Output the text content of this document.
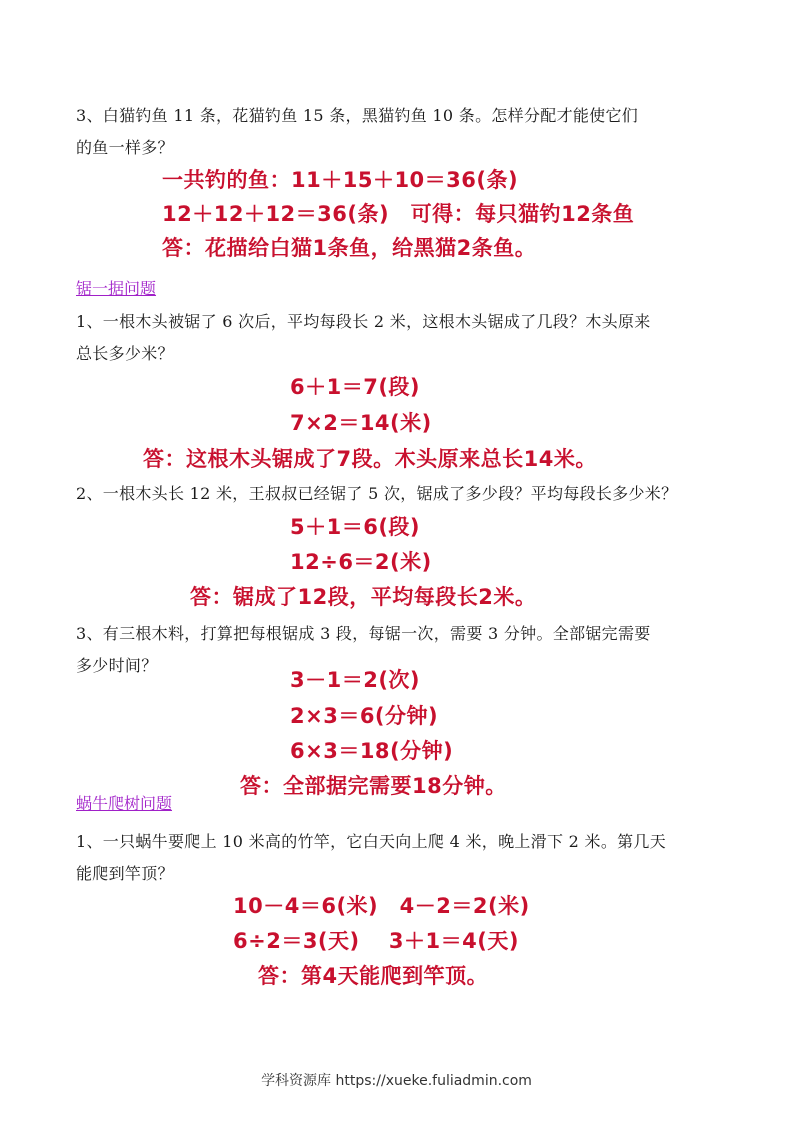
3、白猫钓鱼 11 条，花猫钓鱼 15 条，黑猫钓鱼 10 条。怎样分配才能使它们
的鱼一样多？
一共钓的鱼：11＋15＋10＝36(条)
12＋12＋12＝36(条)　可得：每只猫钓12条鱼
答：花描给白猫1条鱼，给黑猫2条鱼。
锯一据问题
1、一根木头被锯了 6 次后，平均每段长 2 米，这根木头锯成了几段？木头原来
总长多少米？
6＋1＝7(段)
7×2＝14(米)
答：这根木头锯成了7段。木头原来总长14米。
2、一根木头长 12 米，王叔叔已经锯了 5 次，锯成了多少段？平均每段长多少米？
5＋1＝6(段)
12÷6＝2(米)
答：锯成了12段，平均每段长2米。
3、有三根木料，打算把每根锯成 3 段，每锯一次，需要 3 分钟。全部锯完需要
多少时间？
3－1＝2(次)
2×3＝6(分钟)
6×3＝18(分钟)
答：全部据完需要18分钟。
蜗牛爬树问题
1、一只蜗牛要爬上 10 米高的竹竿，它白天向上爬 4 米，晚上滑下 2 米。第几天
能爬到竿顶？
10－4＝6(米)　4－2＝2(米)
6÷2＝3(天)　 3＋1＝4(天)
答：第4天能爬到竿顶。
学科资源库 https://xueke.fuliadmin.com
